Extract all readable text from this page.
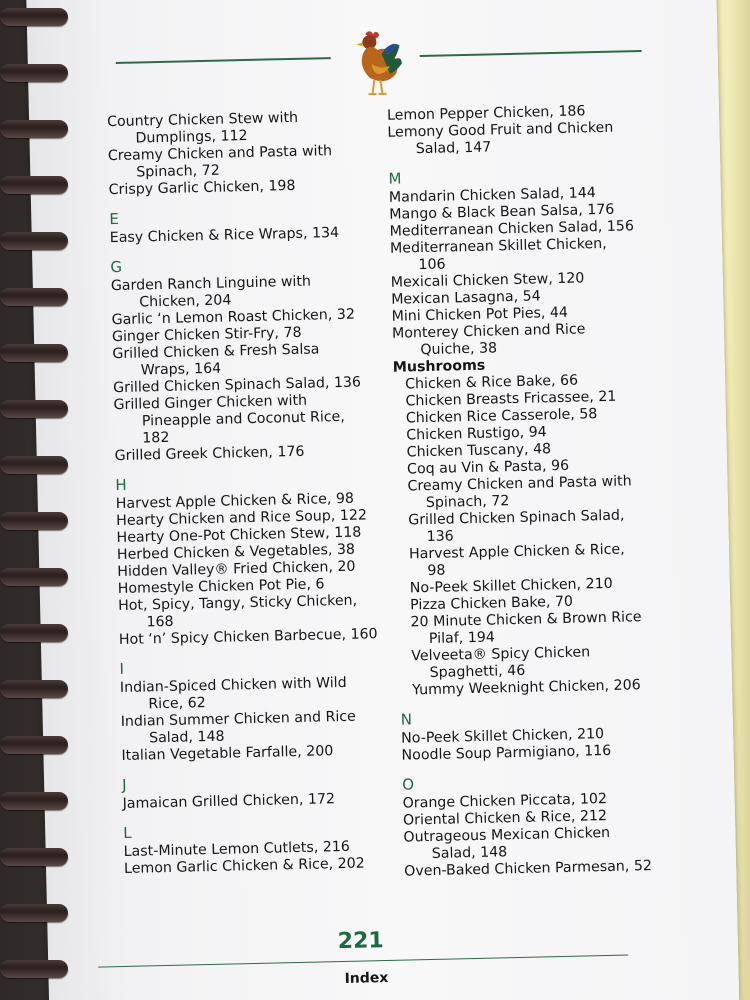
Country Chicken Stew with
Dumplings, 112
Creamy Chicken and Pasta with
Spinach, 72
Crispy Garlic Chicken, 198
E
Easy Chicken & Rice Wraps, 134
G
Garden Ranch Linguine with
Chicken, 204
Garlic ‘n Lemon Roast Chicken, 32
Ginger Chicken Stir-Fry, 78
Grilled Chicken & Fresh Salsa
Wraps, 164
Grilled Chicken Spinach Salad, 136
Grilled Ginger Chicken with
Pineapple and Coconut Rice,
182
Grilled Greek Chicken, 176
H
Harvest Apple Chicken & Rice, 98
Hearty Chicken and Rice Soup, 122
Hearty One-Pot Chicken Stew, 118
Herbed Chicken & Vegetables, 38
Hidden Valley® Fried Chicken, 20
Homestyle Chicken Pot Pie, 6
Hot, Spicy, Tangy, Sticky Chicken,
168
Hot ‘n’ Spicy Chicken Barbecue, 160
I
Indian-Spiced Chicken with Wild
Rice, 62
Indian Summer Chicken and Rice
Salad, 148
Italian Vegetable Farfalle, 200
J
Jamaican Grilled Chicken, 172
L
Last-Minute Lemon Cutlets, 216
Lemon Garlic Chicken & Rice, 202
Lemon Pepper Chicken, 186
Lemony Good Fruit and Chicken
Salad, 147
M
Mandarin Chicken Salad, 144
Mango & Black Bean Salsa, 176
Mediterranean Chicken Salad, 156
Mediterranean Skillet Chicken,
106
Mexicali Chicken Stew, 120
Mexican Lasagna, 54
Mini Chicken Pot Pies, 44
Monterey Chicken and Rice
Quiche, 38
Mushrooms
Chicken & Rice Bake, 66
Chicken Breasts Fricassee, 21
Chicken Rice Casserole, 58
Chicken Rustigo, 94
Chicken Tuscany, 48
Coq au Vin & Pasta, 96
Creamy Chicken and Pasta with
Spinach, 72
Grilled Chicken Spinach Salad,
136
Harvest Apple Chicken & Rice,
98
No-Peek Skillet Chicken, 210
Pizza Chicken Bake, 70
20 Minute Chicken & Brown Rice
Pilaf, 194
Velveeta® Spicy Chicken
Spaghetti, 46
Yummy Weeknight Chicken, 206
N
No-Peek Skillet Chicken, 210
Noodle Soup Parmigiano, 116
O
Orange Chicken Piccata, 102
Oriental Chicken & Rice, 212
Outrageous Mexican Chicken
Salad, 148
Oven-Baked Chicken Parmesan, 52
221
Index
